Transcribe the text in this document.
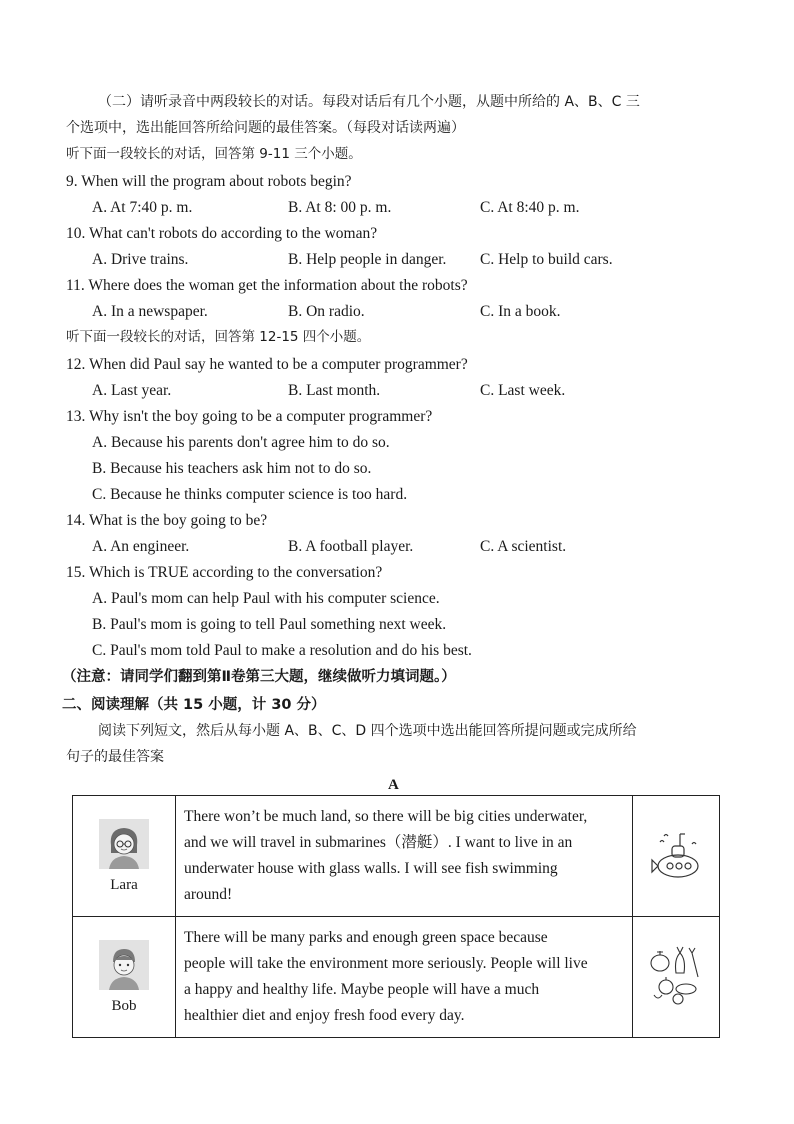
（二）请听录音中两段较长的对话。每段对话后有几个小题，从题中所给的 A、B、C 三
个选项中，选出能回答所给问题的最佳答案。（每段对话读两遍）
听下面一段较长的对话，回答第 9-11 三个小题。
9. When will the program about robots begin?
A. At 7:40 p. m.	B. At 8: 00 p. m.	C. At 8:40 p. m.
10. What can't robots do according to the woman?
A. Drive trains.	B. Help people in danger. C. Help to build cars.
11. Where does the woman get the information about the robots?
A. In a newspaper.	B. On radio.	C. In a book.
听下面一段较长的对话，回答第 12-15 四个小题。
12. When did Paul say he wanted to be a computer programmer?
A. Last year.	B. Last month.	C. Last week.
13. Why isn't the boy going to be a computer programmer?
A. Because his parents don't agree him to do so.
B. Because his teachers ask him not to do so.
C. Because he thinks computer science is too hard.
14. What is the boy going to be?
A. An engineer.	B. A football player.	C. A scientist.
15. Which is TRUE according to the conversation?
A. Paul's mom can help Paul with his computer science.
B. Paul's mom is going to tell Paul something next week.
C. Paul's mom told Paul to make a resolution and do his best.
（注意：请同学们翻到第Ⅱ卷第三大题，继续做听力填词题。）
二、阅读理解（共 15 小题，计 30 分）
阅读下列短文，然后从每小题 A、B、C、D 四个选项中选出能回答所提问题或完成所给
句子的最佳答案
A
Lara	There won’t be much land, so there will be big cities underwater,
and we will travel in submarines（潜艇）. I want to live in an
underwater house with glass walls. I will see fish swimming
around!

Bob	There will be many parks and enough green space because
people will take the environment more seriously. People will live
a happy and healthy life. Maybe people will have a much
healthier diet and enjoy fresh food every day.
